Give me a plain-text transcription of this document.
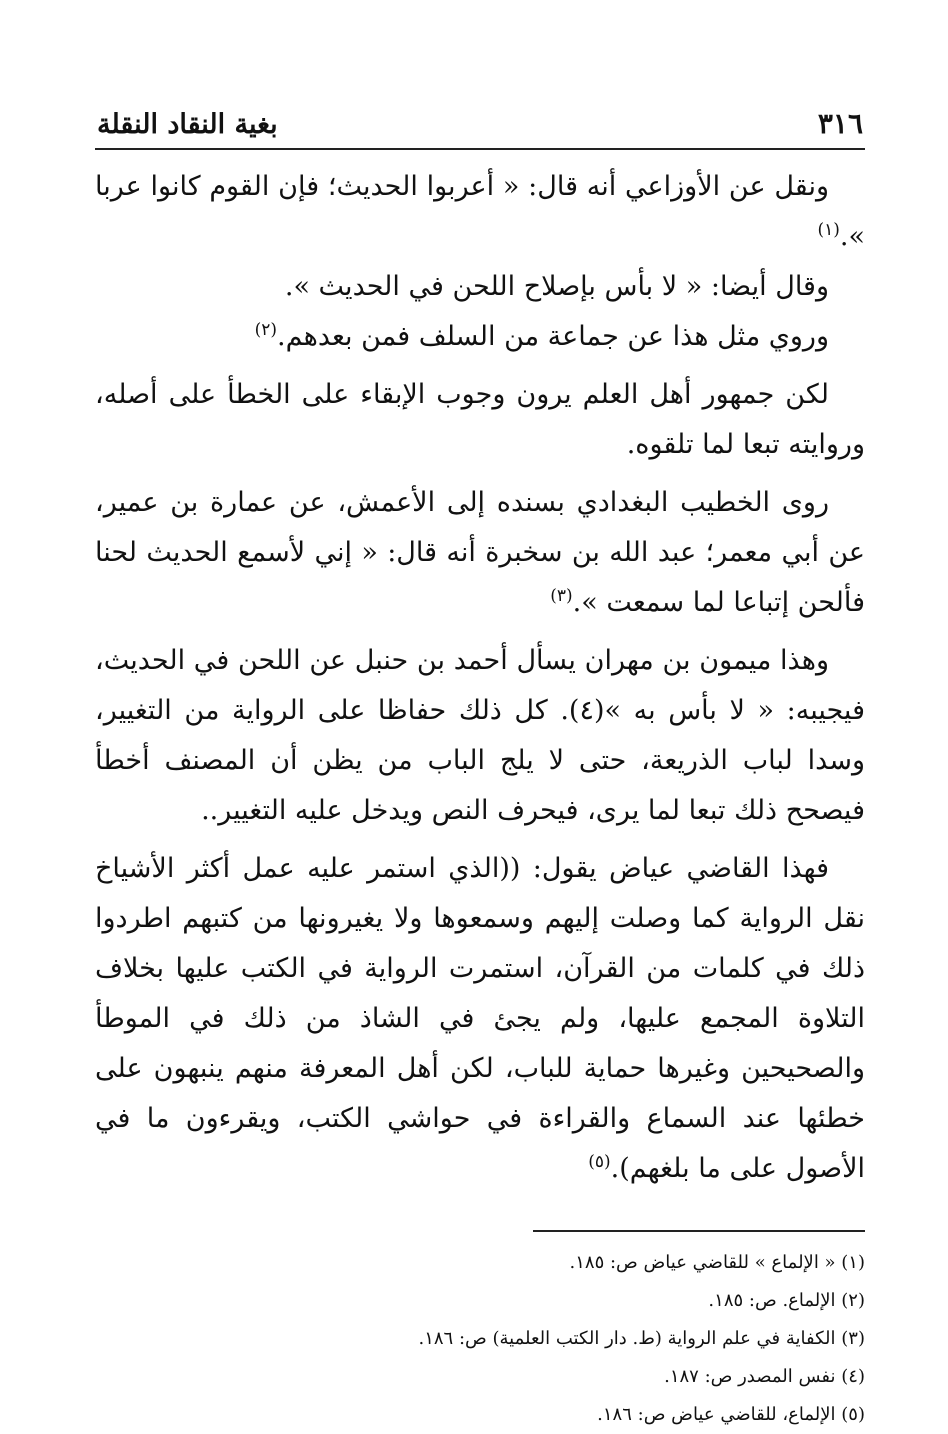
٣١٦
بغية النقاد النقلة

ونقل عن الأوزاعي أنه قال: « أعربوا الحديث؛ فإن القوم كانوا عربا ».$^{(١)}$

وقال أيضا: « لا بأس بإصلاح اللحن في الحديث ».

وروي مثل هذا عن جماعة من السلف فمن بعدهم.$^{(٢)}$

لكن جمهور أهل العلم يرون وجوب الإبقاء على الخطأ على أصله، وروايته تبعا لما تلقوه.

روى الخطيب البغدادي بسنده إلى الأعمش، عن عمارة بن عمير، عن أبي معمر؛ عبد الله بن سخبرة أنه قال: « إني لأسمع الحديث لحنا فألحن إتباعا لما سمعت ».$^{(٣)}$

وهذا ميمون بن مهران يسأل أحمد بن حنبل عن اللحن في الحديث، فيجيبه: « لا بأس به »(٤). كل ذلك حفاظا على الرواية من التغيير، وسدا لباب الذريعة، حتى لا يلج الباب من يظن أن المصنف أخطأ فيصحح ذلك تبعا لما يرى، فيحرف النص ويدخل عليه التغيير..

فهذا القاضي عياض يقول: ((الذي استمر عليه عمل أكثر الأشياخ نقل الرواية كما وصلت إليهم وسمعوها ولا يغيرونها من كتبهم اطردوا ذلك في كلمات من القرآن، استمرت الرواية في الكتب عليها بخلاف التلاوة المجمع عليها، ولم يجئ في الشاذ من ذلك في الموطأ والصحيحين وغيرها حماية للباب، لكن أهل المعرفة منهم ينبهون على خطئها عند السماع والقراءة في حواشي الكتب، ويقرءون ما في الأصول على ما بلغهم).$^{(٥)}$

(١) « الإلماع » للقاضي عياض ص: ١٨٥.

(٢) الإلماع. ص: ١٨٥.

(٣) الكفاية في علم الرواية (ط. دار الكتب العلمية) ص: ١٨٦.

(٤) نفس المصدر ص: ١٨٧.

(٥) الإلماع، للقاضي عياض ص: ١٨٦.
